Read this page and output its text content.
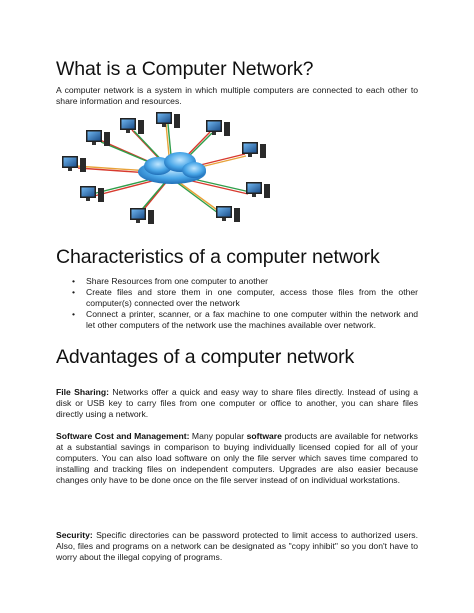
What is a Computer Network?

A computer network is a system in which multiple computers are connected to each other to share information and resources.

Characteristics of a computer network
• Share Resources from one computer to another
• Create files and store them in one computer, access those files from the other computer(s) connected over the network
• Connect a printer, scanner, or a fax machine to one computer within the network and let other computers of the network use the machines available over network.
Advantages of a computer network

File Sharing: Networks offer a quick and easy way to share files directly. Instead of using a disk or USB key to carry files from one computer or office to another, you can share files directly using a network.

Software Cost and Management: Many popular software products are available for networks at a substantial savings in comparison to buying individually licensed copied for all of your computers. You can also load software on only the file server which saves time compared to installing and tracking files on independent computers. Upgrades are also easier because changes only have to be done once on the file server instead of on individual workstations.

Security: Specific directories can be password protected to limit access to authorized users. Also, files and programs on a network can be designated as "copy inhibit" so you don't have to worry about the illegal copying of programs.
